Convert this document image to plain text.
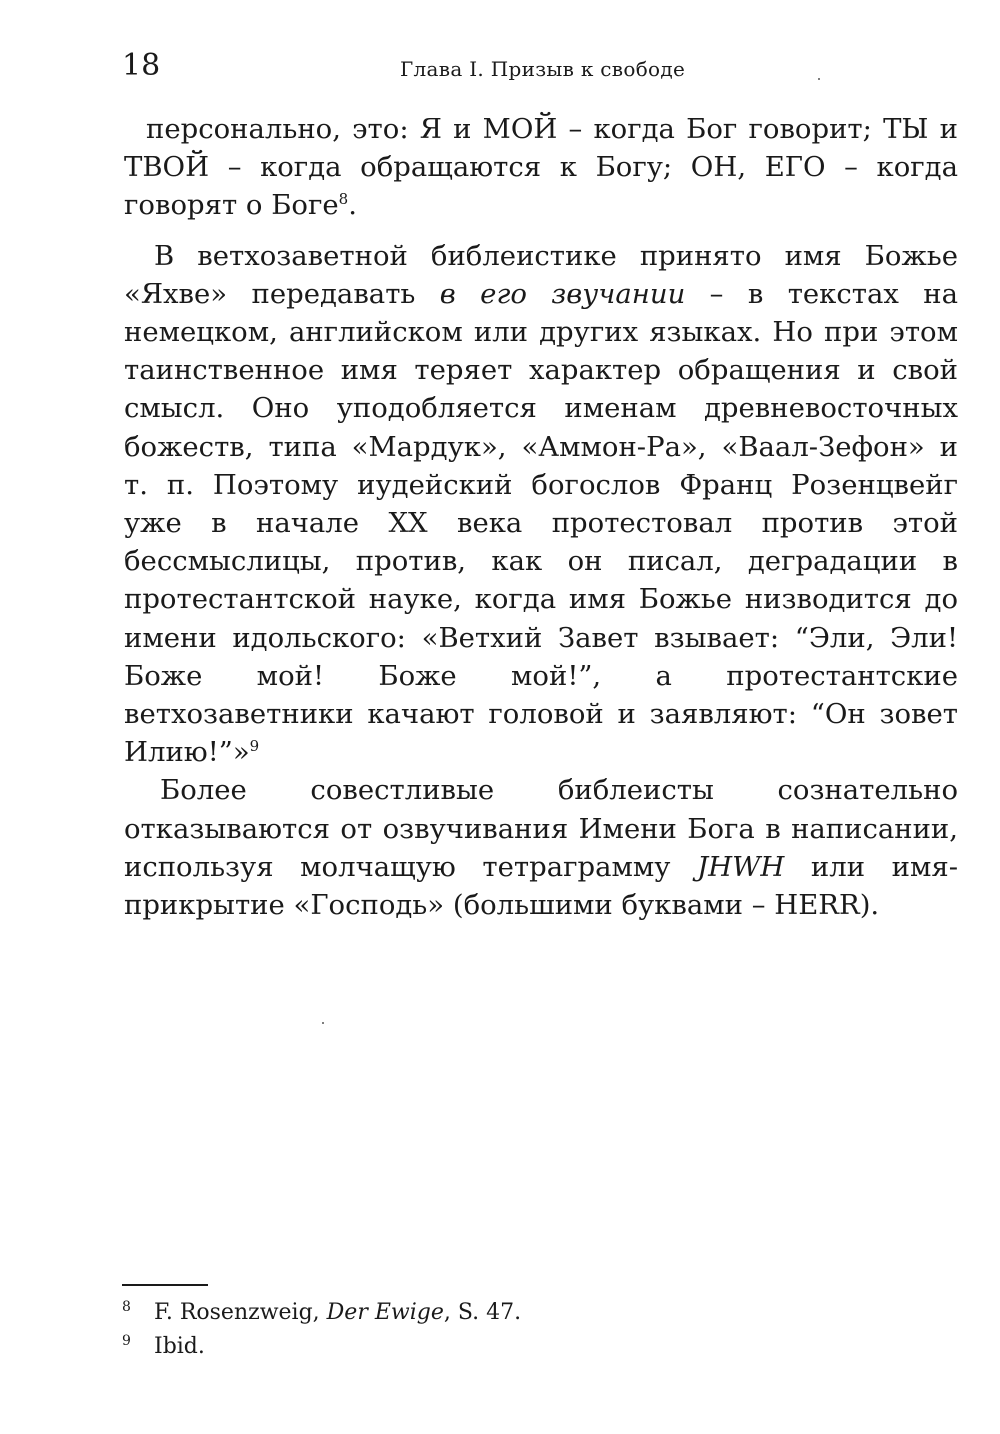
18	Глава I. Призыв к свободе

персонально, это: Я и МОЙ – когда Бог говорит; ТЫ и ТВОЙ – когда обращаются к Богу; ОН, ЕГО – когда говорят о Боге$^8$.

В ветхозаветной библеистике принято имя Божье «Яхве» передавать в его звучании – в текстах на немецком, английском или других языках. Но при этом таинственное имя теряет характер обращения и свой смысл. Оно уподобляется именам древневосточных божеств, типа «Мардук», «Аммон-Ра», «Ваал-Зефон» и т. п. Поэтому иудейский богослов Франц Розенцвейг уже в начале XX века протестовал против этой бессмыслицы, против, как он писал, деградации в протестантской науке, когда имя Божье низводится до имени идольского: «Ветхий Завет взывает: “Эли, Эли! Боже мой! Боже мой!”, а протестантские ветхозаветники качают головой и заявляют: “Он зовет Илию!”»$^9$

Более совестливые библеисты сознательно отказываются от озвучивания Имени Бога в написании, используя молчащую тетраграмму JHWH или имя-прикрытие «Господь» (большими буквами – HERR).

8 F. Rosenzweig, Der Ewige, S. 47.
9 Ibid.
